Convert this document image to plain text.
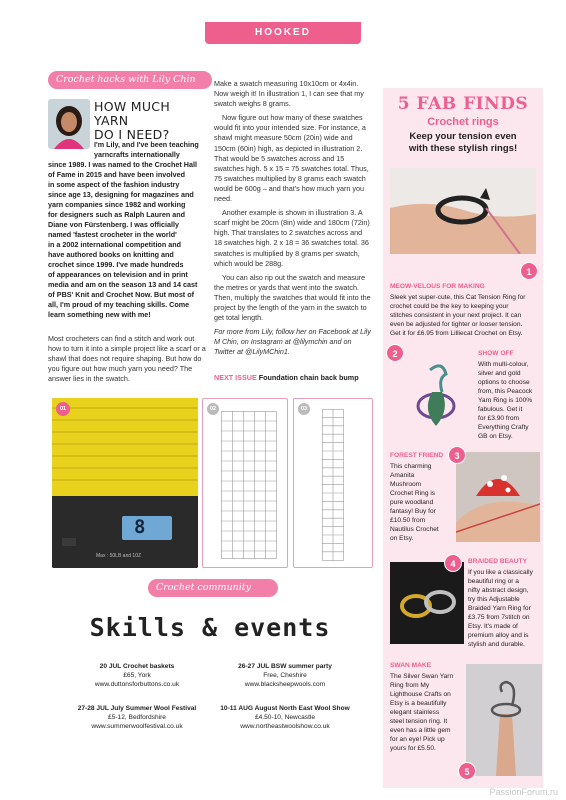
HOOKED
Crochet hacks with Lily Chin
HOW MUCH YARN
DO I NEED?
I'm Lily, and I've been teaching
yarncrafts internationally
since 1989. I was named to the Crochet Hall
of Fame in 2015 and have been involved
in some aspect of the fashion industry
since age 13, designing for magazines and
yarn companies since 1982 and working
for designers such as Ralph Lauren and
Diane von Fürstenberg. I was officially
named 'fastest crocheter in the world'
in a 2002 international competition and
have authored books on knitting and
crochet since 1999. I've made hundreds
of appearances on television and in print
media and am on the season 13 and 14 cast
of PBS' Knit and Crochet Now. But most of
all, I'm proud of my teaching skills. Come
learn something new with me!
Most crocheters can find a stitch and work out how to turn it into a simple project like a scarf or a shawl that does not require shaping. But how do you figure out how much yarn you need? The answer lies in the swatch.

Make a swatch measuring 10x10cm or 4x4in. Now weigh it! In illustration 1, I can see that my swatch weighs 8 grams.

Now figure out how many of these swatches would fit into your intended size. For instance, a shawl might measure 50cm (20in) wide and 150cm (60in) high, as depicted in illustration 2. That would be 5 swatches across and 15 swatches high. 5 x 15 = 75 swatches total. Thus, 75 swatches multiplied by 8 grams each swatch would be 600g – and that's how much yarn you need.

Another example is shown in illustration 3. A scarf might be 20cm (8in) wide and 180cm (72in) high. That translates to 2 swatches across and 18 swatches high. 2 x 18 = 36 swatches total. 36 swatches is multiplied by 8 grams per swatch, which would be 288g.

You can also rip out the swatch and measure the metres or yards that went into the swatch. Then, multiply the swatches that would fit into the project by the length of the yarn in the swatch to get total length.

For more from Lily, follow her on Facebook at Lily M Chin, on Instagram at @lilymchin and on Twitter at @LilyMChin1.

NEXT ISSUE Foundation chain back bump
01
8
Max : 50LB and 10Z
02	03
Crochet community
Skills & events
20 JUL Crochet baskets
£65, York
www.duttonsforbuttons.co.uk
26-27 JUL BSW summer party
Free, Cheshire
www.blacksheepwools.com
27-28 JUL July Summer Wool Festival
£5-12, Bedfordshire
www.summerwoolfestival.co.uk
10-11 AUG August North East Wool Show
£4.50-10, Newcastle
www.northeastwoolshow.co.uk
5 FAB FINDS
Crochet rings
Keep your tension even
with these stylish rings!
1
MEOW-VELOUS FOR MAKING
Sleek yet super-cute, this Cat Tension Ring for
crochet could be the key to keeping your
stitches consistent in your next project. It can
even be adjusted for tighter or looser tension.
Get it for £6.95 from Lilliecat Crochet on Etsy.
2	SHOW OFF
With multi-colour,
silver and gold
options to choose
from, this Peacock
Yarn Ring is 100%
fabulous. Get it
for £3.90 from
Everything Crafty
GB on Etsy.
FOREST FRIEND
This charming
Amanita
Mushroom
Crochet Ring is
pure woodland
fantasy! Buy for
£10.50 from
Nautilus Crochet
on Etsy.
3
4	BRAIDED BEAUTY
If you like a classically
beautiful ring or a
nifty abstract design,
try this Adjustable
Braided Yarn Ring for
£3.75 from 7stitch on
Etsy. It's made of
premium alloy and is
stylish and durable.
SWAN MAKE
The Silver Swan Yarn
Ring from My
Lighthouse Crafts on
Etsy is a beautifully
elegant stainless
steel tension ring. It
even has a little gem
for an eye! Pick up
yours for £5.50.
5
PassionForum.ru
